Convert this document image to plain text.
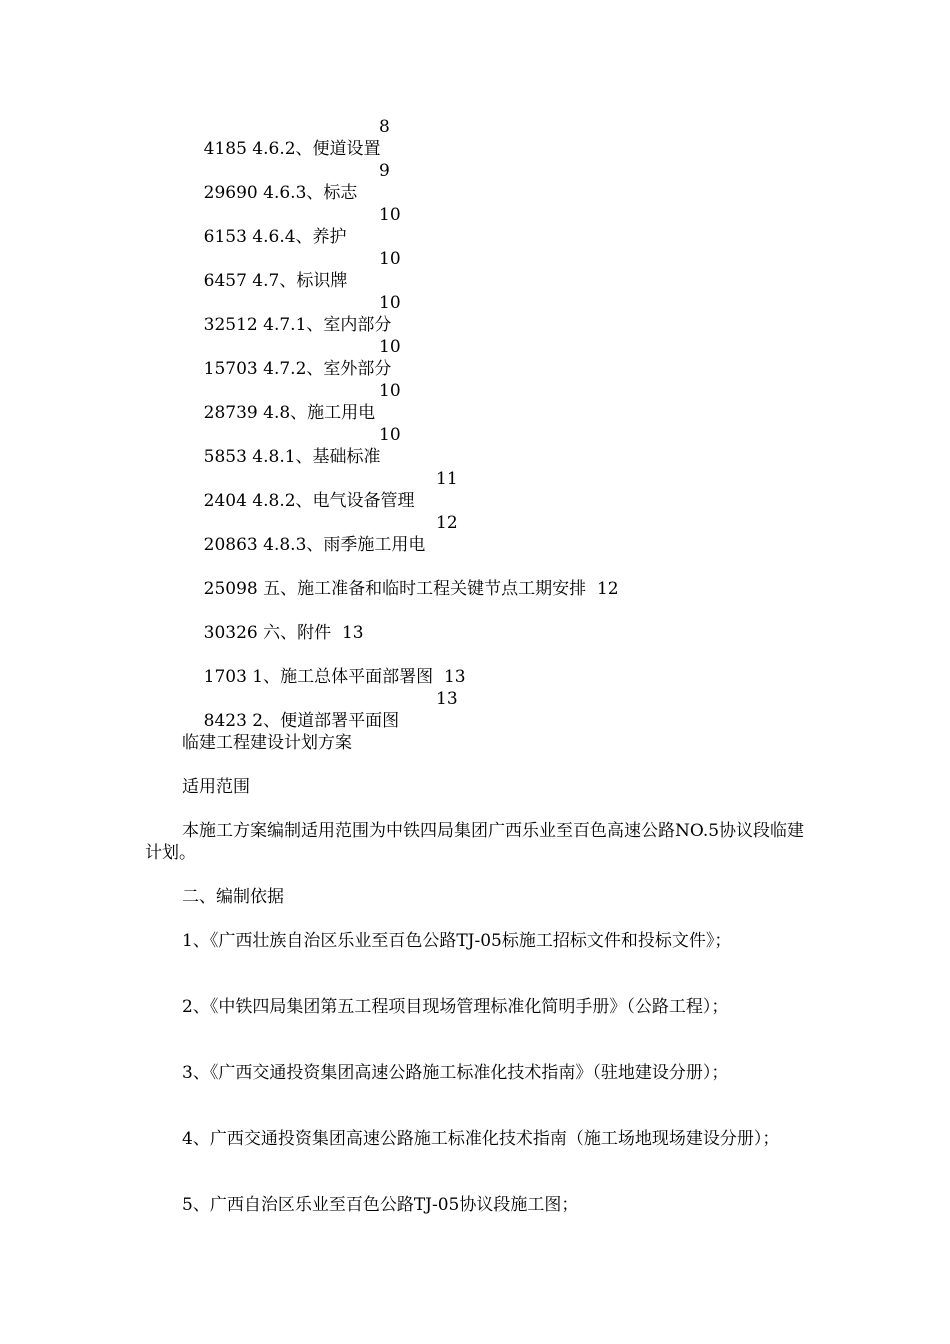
4185 4.6.2、便道设置
8

29690 4.6.3、标志
9

6153 4.6.4、养护
10

6457 4.7、标识牌
10

32512 4.7.1、室内部分
10

15703 4.7.2、室外部分
10

28739 4.8、施工用电
10

5853 4.8.1、基础标准
10

2404 4.8.2、电气设备管理
11

20863 4.8.3、雨季施工用电
12

25098 五、施工准备和临时工程关键节点工期安排 12

30326 六、附件 13

1703 1、施工总体平面部署图 13

8423 2、便道部署平面图
13

临建工程建设计划方案
适用范围
本施工方案编制适用范围为中铁四局集团广西乐业至百色高速公路NO.5协议段临建计划。
二、编制依据
1、《广西壮族自治区乐业至百色公路TJ-05标施工招标文件和投标文件》；
2、《中铁四局集团第五工程项目现场管理标准化简明手册》（公路工程）；
3、《广西交通投资集团高速公路施工标准化技术指南》（驻地建设分册）；
4、广西交通投资集团高速公路施工标准化技术指南（施工场地现场建设分册）；
5、广西自治区乐业至百色公路TJ-05协议段施工图；
